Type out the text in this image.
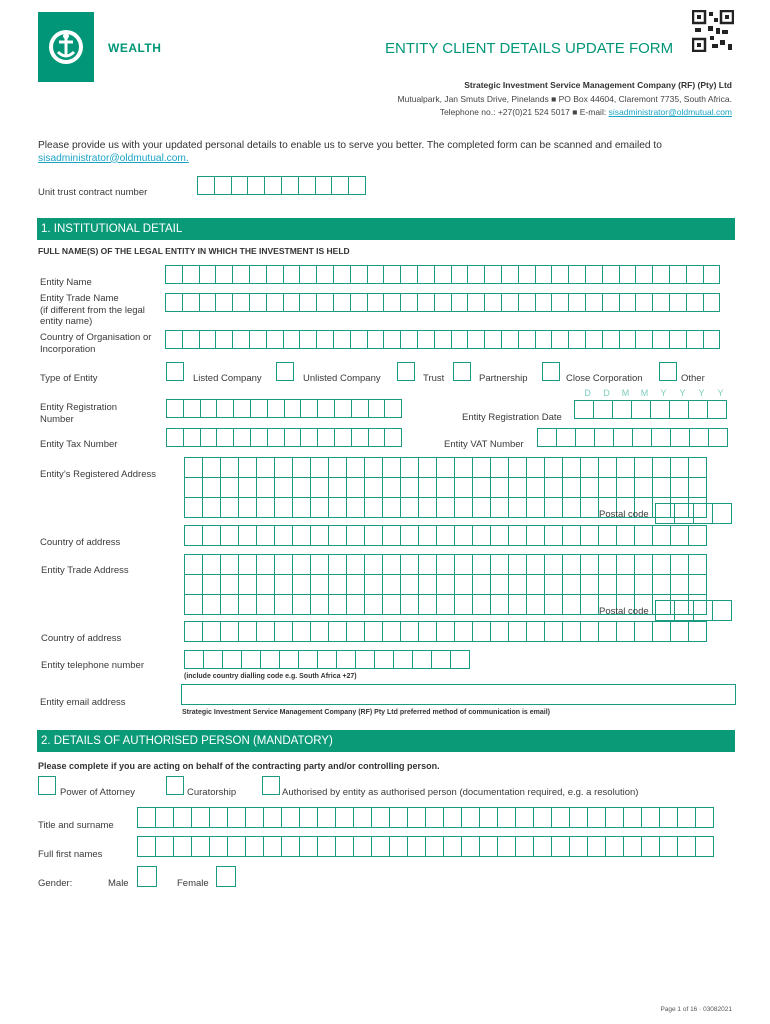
WEALTH	ENTITY CLIENT DETAILS UPDATE FORM
Strategic Investment Service Management Company (RF) (Pty) Ltd
Mutualpark, Jan Smuts Drive, Pinelands ■ PO Box 44604, Claremont 7735, South Africa.
Telephone no.: +27(0)21 524 5017 ■ E-mail: sisadministrator@oldmutual.com
Please provide us with your updated personal details to enable us to serve you better. The completed form can be scanned and emailed to sisadministrator@oldmutual.com.
Unit trust contract number
1. INSTITUTIONAL DETAIL
FULL NAME(S) OF THE LEGAL ENTITY IN WHICH THE INVESTMENT IS HELD
Entity Name
Entity Trade Name
(if different from the legal entity name)
Country of Organisation or Incorporation
Type of Entity	Listed Company	Unlisted Company	Trust	Partnership	Close Corporation	Other
D	D	M	M	Y	Y	Y	Y
Entity Registration Number	Entity Registration Date
Entity Tax Number	Entity VAT Number
Entity’s Registered Address
Postal code
Country of address
Entity Trade Address
Postal code
Country of address
Entity telephone number
(include country dialling code e.g. South Africa +27)
Entity email address
Strategic Investment Service Management Company (RF) Pty Ltd preferred method of communication is email)
2. DETAILS OF AUTHORISED PERSON (MANDATORY)
Please complete if you are acting on behalf of the contracting party and/or controlling person.
Power of Attorney	Curatorship	Authorised by entity as authorised person (documentation required, e.g. a resolution)
Title and surname
Full first names
Gender:	Male	Female
Page 1 of 16 · 03082021
